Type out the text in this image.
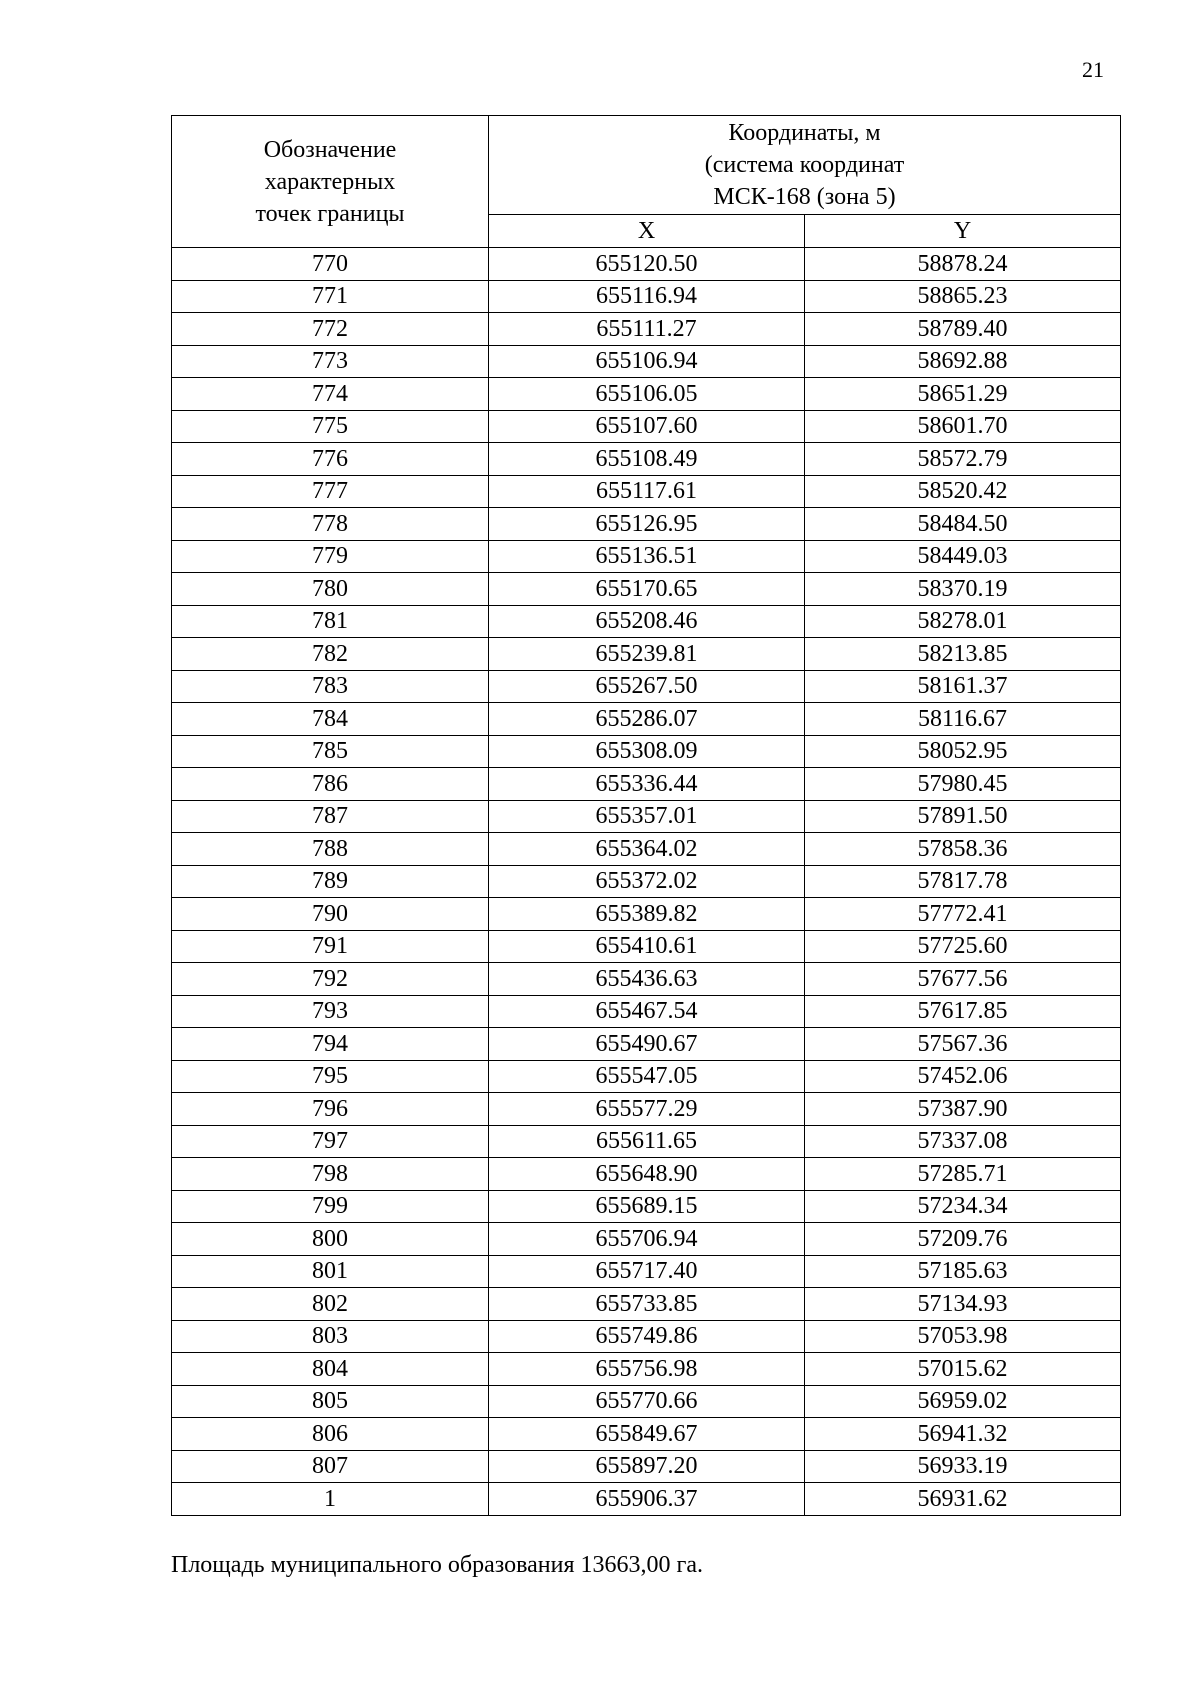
21
Обозначение
характерных
точек границы	Координаты, м
(система координат
МСК-168 (зона 5)	

	X	Y
770	655120.50	58878.24
771	655116.94	58865.23
772	655111.27	58789.40
773	655106.94	58692.88
774	655106.05	58651.29
775	655107.60	58601.70
776	655108.49	58572.79
777	655117.61	58520.42
778	655126.95	58484.50
779	655136.51	58449.03
780	655170.65	58370.19
781	655208.46	58278.01
782	655239.81	58213.85
783	655267.50	58161.37
784	655286.07	58116.67
785	655308.09	58052.95
786	655336.44	57980.45
787	655357.01	57891.50
788	655364.02	57858.36
789	655372.02	57817.78
790	655389.82	57772.41
791	655410.61	57725.60
792	655436.63	57677.56
793	655467.54	57617.85
794	655490.67	57567.36
795	655547.05	57452.06
796	655577.29	57387.90
797	655611.65	57337.08
798	655648.90	57285.71
799	655689.15	57234.34
800	655706.94	57209.76
801	655717.40	57185.63
802	655733.85	57134.93
803	655749.86	57053.98
804	655756.98	57015.62
805	655770.66	56959.02
806	655849.67	56941.32
807	655897.20	56933.19
1	655906.37	56931.62
Площадь муниципального образования 13663,00 га.
